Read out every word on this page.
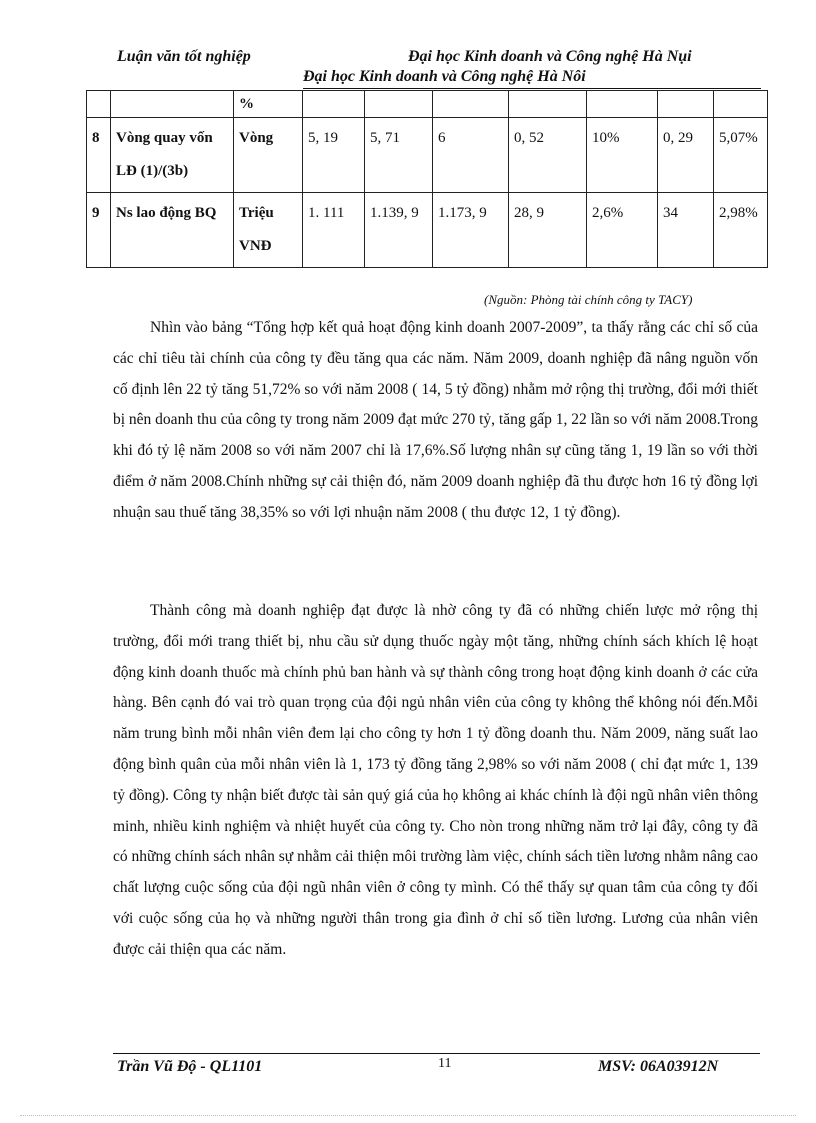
Luận văn tốt nghiệp	Đại học Kinh doanh và Công nghệ Hà Nụi
Đại học Kinh doanh và Công nghệ Hà Nôi
		%							
8	Vòng quay vốn LĐ (1)/(3b)	Vòng	5, 19	5, 71	6	0, 52	10%	0, 29	5,07%
9	Ns lao động BQ	Triệu VNĐ	1. 111	1.139, 9	1.173, 9	28, 9	2,6%	34	2,98%
(Nguồn: Phòng tài chính công ty TACY)

Nhìn vào bảng “Tổng hợp kết quả hoạt động kinh doanh 2007-2009”, ta thấy rằng các chỉ số của các chỉ tiêu tài chính của công ty đều tăng qua các năm. Năm 2009, doanh nghiệp đã nâng nguồn vốn cố định lên 22 tỷ tăng 51,72% so với năm 2008 ( 14, 5 tỷ đồng) nhằm mở rộng thị trường, đổi mới thiết bị nên doanh thu của công ty trong năm 2009 đạt mức 270 tỷ, tăng gấp 1, 22 lần so với năm 2008.Trong khi đó tỷ lệ năm 2008 so với năm 2007 chỉ là 17,6%.Số lượng nhân sự cũng tăng 1, 19 lần so với thời điểm ở năm 2008.Chính những sự cải thiện đó, năm 2009 doanh nghiệp đã thu được hơn 16 tỷ đồng lợi nhuận sau thuế tăng 38,35% so với lợi nhuận năm 2008 ( thu được 12, 1 tỷ đồng).

Thành công mà doanh nghiệp đạt được là nhờ công ty đã có những chiến lược mở rộng thị trường, đổi mới trang thiết bị, nhu cầu sử dụng thuốc ngày một tăng, những chính sách khích lệ hoạt động kinh doanh thuốc mà chính phủ ban hành và sự thành công trong hoạt động kinh doanh ở các cửa hàng. Bên cạnh đó vai trò quan trọng của đội ngủ nhân viên của công ty không thể không nói đến.Mỗi năm trung bình mỗi nhân viên đem lại cho công ty hơn 1 tỷ đồng doanh thu. Năm 2009, năng suất lao động bình quân của mỗi nhân viên là 1, 173 tỷ đồng tăng 2,98% so với năm 2008 ( chỉ đạt mức 1, 139 tỷ đồng). Công ty nhận biết được tài sản quý giá của họ không ai khác chính là đội ngũ nhân viên thông minh, nhiều kinh nghiệm và nhiệt huyết của công ty. Cho nòn trong những năm trở lại đây, công ty đã có những chính sách nhân sự nhằm cải thiện môi trường làm việc, chính sách tiền lương nhằm nâng cao chất lượng cuộc sống của đội ngũ nhân viên ở công ty mình. Có thể thấy sự quan tâm của công ty đối với cuộc sống của họ và những người thân trong gia đình ở chỉ số tiền lương. Lương của nhân viên được cải thiện qua các năm.

Trần Vũ Độ - QL1101	11	MSV: 06A03912N
